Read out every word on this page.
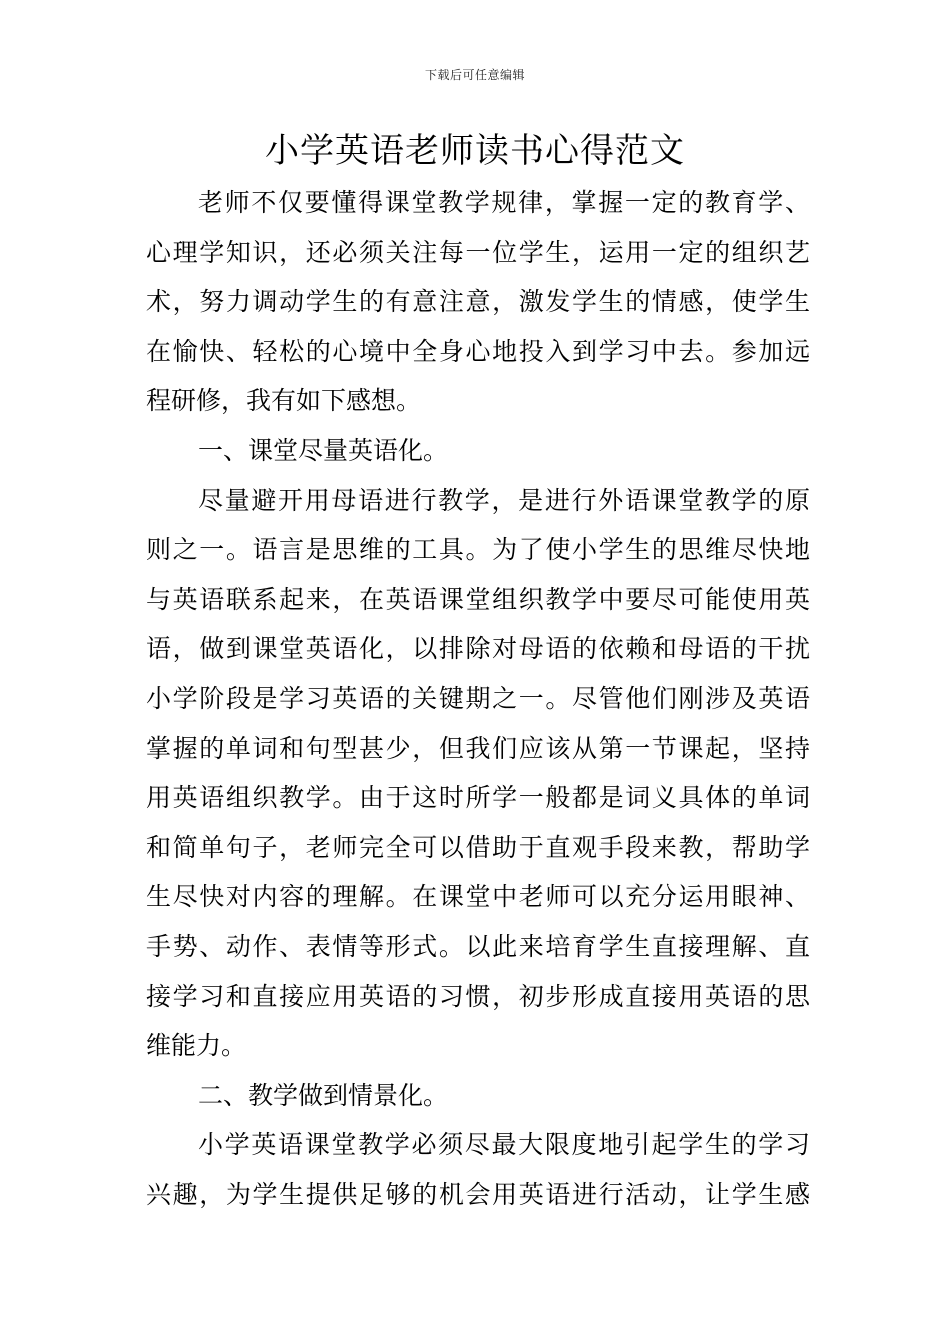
下载后可任意编辑
小学英语老师读书心得范文
老师不仅要懂得课堂教学规律，掌握一定的教育学、
心理学知识，还必须关注每一位学生，运用一定的组织艺
术，努力调动学生的有意注意，激发学生的情感，使学生
在愉快、轻松的心境中全身心地投入到学习中去。参加远
程研修，我有如下感想。
一、课堂尽量英语化。
尽量避开用母语进行教学，是进行外语课堂教学的原
则之一。语言是思维的工具。为了使小学生的思维尽快地
与英语联系起来，在英语课堂组织教学中要尽可能使用英
语，做到课堂英语化，以排除对母语的依赖和母语的干扰
小学阶段是学习英语的关键期之一。尽管他们刚涉及英语
掌握的单词和句型甚少，但我们应该从第一节课起，坚持
用英语组织教学。由于这时所学一般都是词义具体的单词
和简单句子，老师完全可以借助于直观手段来教，帮助学
生尽快对内容的理解。在课堂中老师可以充分运用眼神、
手势、动作、表情等形式。以此来培育学生直接理解、直
接学习和直接应用英语的习惯，初步形成直接用英语的思
维能力。
二、教学做到情景化。
小学英语课堂教学必须尽最大限度地引起学生的学习
兴趣，为学生提供足够的机会用英语进行活动，让学生感
